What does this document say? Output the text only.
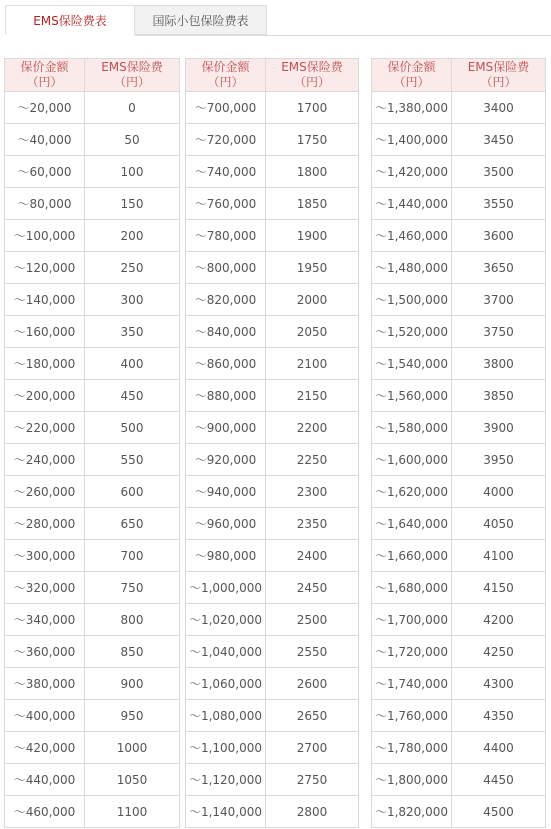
EMS保险费表	国际小包保险费表
保价金额
（円）	EMS保险费
（円）

～20,000	0
～40,000	50
～60,000	100
～80,000	150
～100,000	200
～120,000	250
～140,000	300
～160,000	350
～180,000	400
～200,000	450
～220,000	500
～240,000	550
～260,000	600
～280,000	650
～300,000	700
～320,000	750
～340,000	800
～360,000	850
～380,000	900
～400,000	950
～420,000	1000
～440,000	1050
～460,000	1100
保价金额
（円）	EMS保险费
（円）

～700,000	1700
～720,000	1750
～740,000	1800
～760,000	1850
～780,000	1900
～800,000	1950
～820,000	2000
～840,000	2050
～860,000	2100
～880,000	2150
～900,000	2200
～920,000	2250
～940,000	2300
～960,000	2350
～980,000	2400
～1,000,000	2450
～1,020,000	2500
～1,040,000	2550
～1,060,000	2600
～1,080,000	2650
～1,100,000	2700
～1,120,000	2750
～1,140,000	2800
保价金额
（円）	EMS保险费
（円）

～1,380,000	3400
～1,400,000	3450
～1,420,000	3500
～1,440,000	3550
～1,460,000	3600
～1,480,000	3650
～1,500,000	3700
～1,520,000	3750
～1,540,000	3800
～1,560,000	3850
～1,580,000	3900
～1,600,000	3950
～1,620,000	4000
～1,640,000	4050
～1,660,000	4100
～1,680,000	4150
～1,700,000	4200
～1,720,000	4250
～1,740,000	4300
～1,760,000	4350
～1,780,000	4400
～1,800,000	4450
～1,820,000	4500
